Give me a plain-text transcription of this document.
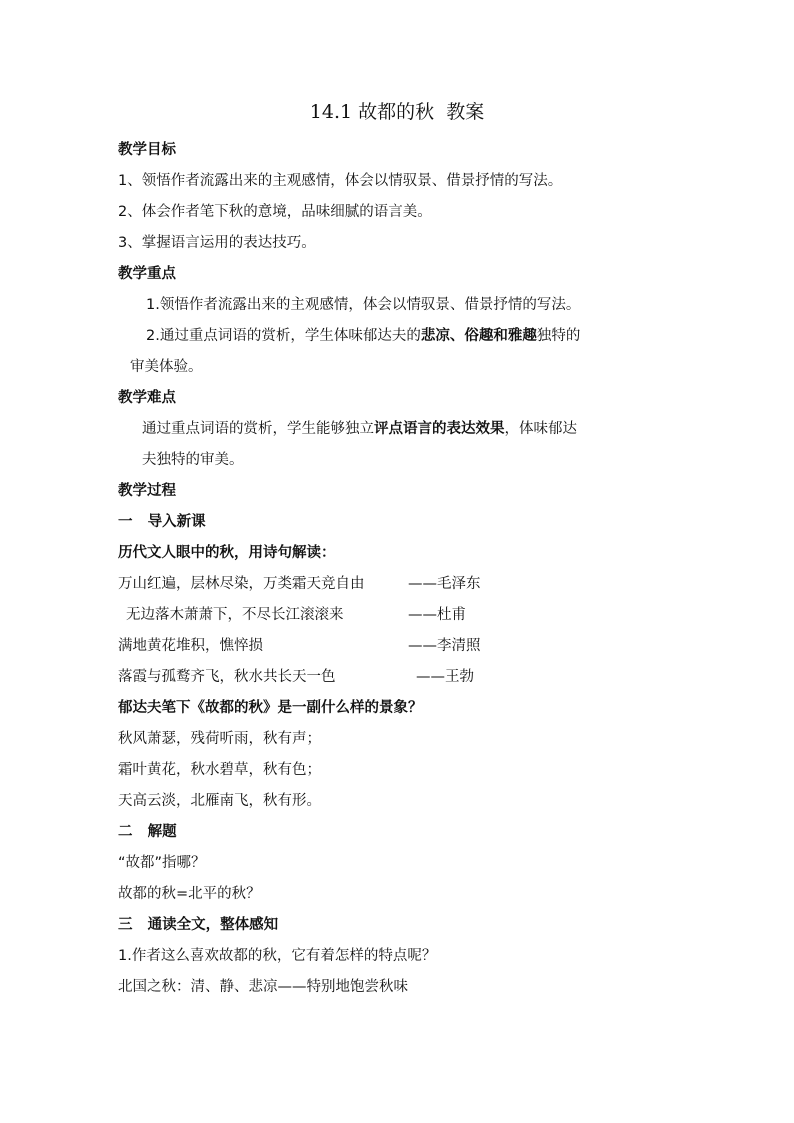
14.1 故都的秋  教案
教学目标
1、领悟作者流露出来的主观感情，体会以情驭景、借景抒情的写法。
2、体会作者笔下秋的意境，品味细腻的语言美。
3、掌握语言运用的表达技巧。
教学重点
1.领悟作者流露出来的主观感情，体会以情驭景、借景抒情的写法。
2.通过重点词语的赏析，学生体味郁达夫的悲凉、俗趣和雅趣独特的
审美体验。
教学难点
通过重点词语的赏析，学生能够独立评点语言的表达效果，体味郁达
夫独特的审美。
教学过程
一   导入新课
历代文人眼中的秋，用诗句解读：
万山红遍，层林尽染，万类霜天竞自由	——毛泽东
无边落木萧萧下，不尽长江滚滚来	——杜甫
满地黄花堆积，憔悴损	——李清照
落霞与孤鹜齐飞，秋水共长天一色	——王勃
郁达夫笔下《故都的秋》是一副什么样的景象？
秋风萧瑟，残荷听雨，秋有声；
霜叶黄花，秋水碧草，秋有色；
天高云淡，北雁南飞，秋有形。
二   解题
“故都”指哪？
故都的秋=北平的秋？
三   通读全文，整体感知
1.作者这么喜欢故都的秋，它有着怎样的特点呢？
北国之秋：清、静、悲凉——特别地饱尝秋味
